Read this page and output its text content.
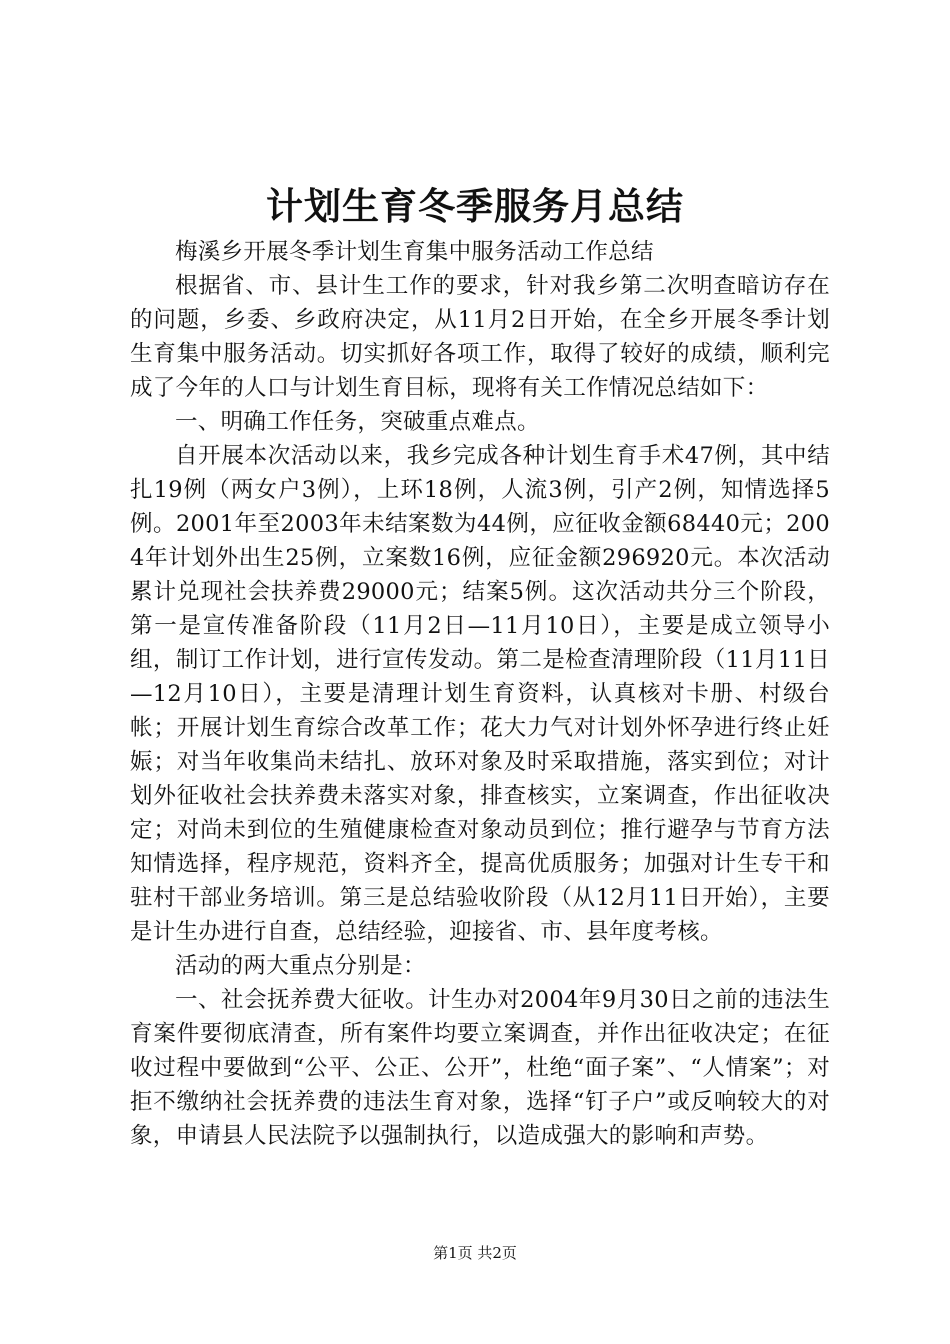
计划生育冬季服务月总结

梅溪乡开展冬季计划生育集中服务活动工作总结

根据省、市、县计生工作的要求，针对我乡第二次明查暗访存在的问题，乡委、乡政府决定，从11月2日开始，在全乡开展冬季计划生育集中服务活动。切实抓好各项工作，取得了较好的成绩，顺利完成了今年的人口与计划生育目标，现将有关工作情况总结如下：

一、明确工作任务，突破重点难点。

自开展本次活动以来，我乡完成各种计划生育手术47例，其中结扎19例（两女户3例），上环18例，人流3例，引产2例，知情选择5例。2001年至2003年未结案数为44例，应征收金额68440元；2004年计划外出生25例，立案数16例，应征金额296920元。本次活动累计兑现社会扶养费29000元；结案5例。这次活动共分三个阶段，第一是宣传准备阶段（11月2日—11月10日），主要是成立领导小组，制订工作计划，进行宣传发动。第二是检查清理阶段（11月11日—12月10日），主要是清理计划生育资料，认真核对卡册、村级台帐；开展计划生育综合改革工作；花大力气对计划外怀孕进行终止妊娠；对当年收集尚未结扎、放环对象及时采取措施，落实到位；对计划外征收社会扶养费未落实对象，排查核实，立案调查，作出征收决定；对尚未到位的生殖健康检查对象动员到位；推行避孕与节育方法知情选择，程序规范，资料齐全，提高优质服务；加强对计生专干和驻村干部业务培训。第三是总结验收阶段（从12月11日开始），主要是计生办进行自查，总结经验，迎接省、市、县年度考核。

活动的两大重点分别是：

一、社会抚养费大征收。计生办对2004年9月30日之前的违法生育案件要彻底清查，所有案件均要立案调查，并作出征收决定；在征收过程中要做到“公平、公正、公开”，杜绝“面子案”、“人情案”；对拒不缴纳社会抚养费的违法生育对象，选择“钉子户”或反响较大的对象，申请县人民法院予以强制执行，以造成强大的影响和声势。

第1页 共2页
